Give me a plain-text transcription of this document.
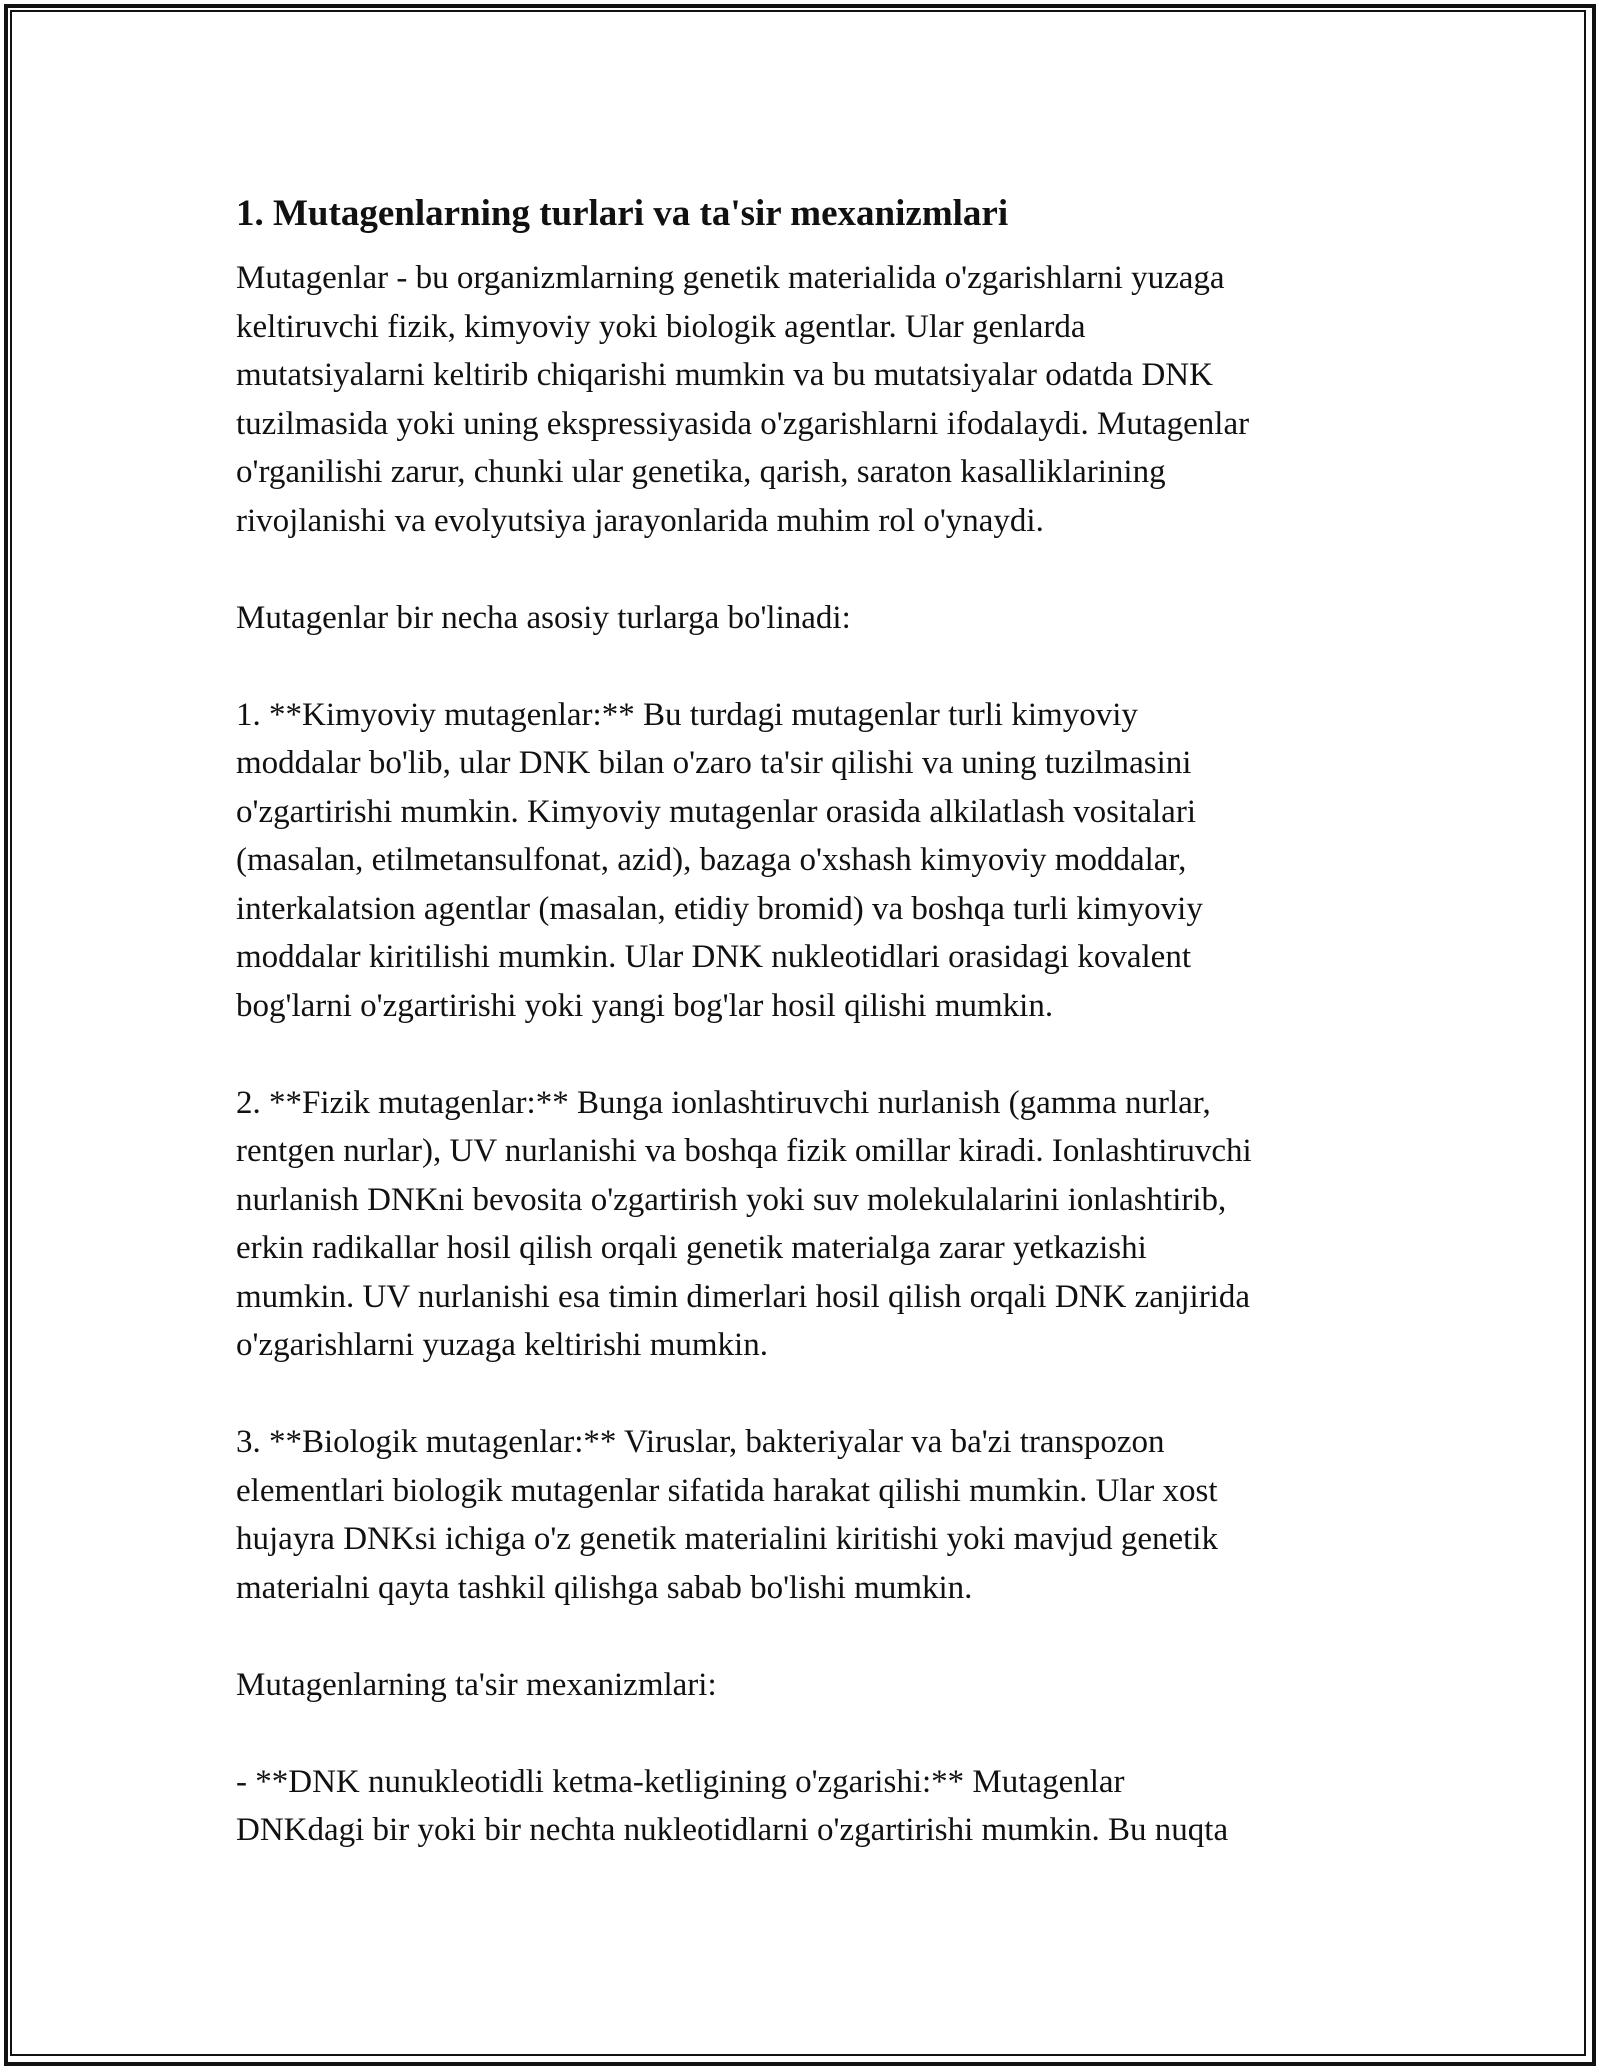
1. Mutagenlarning turlari va ta'sir mexanizmlari
Mutagenlar - bu organizmlarning genetik materialida o'zgarishlarni yuzaga
keltiruvchi fizik, kimyoviy yoki biologik agentlar. Ular genlarda
mutatsiyalarni keltirib chiqarishi mumkin va bu mutatsiyalar odatda DNK
tuzilmasida yoki uning ekspressiyasida o'zgarishlarni ifodalaydi. Mutagenlar
o'rganilishi zarur, chunki ular genetika, qarish, saraton kasalliklarining
rivojlanishi va evolyutsiya jarayonlarida muhim rol o'ynaydi.
Mutagenlar bir necha asosiy turlarga bo'linadi:
1. **Kimyoviy mutagenlar:** Bu turdagi mutagenlar turli kimyoviy
moddalar bo'lib, ular DNK bilan o'zaro ta'sir qilishi va uning tuzilmasini
o'zgartirishi mumkin. Kimyoviy mutagenlar orasida alkilatlash vositalari
(masalan, etilmetansulfonat, azid), bazaga o'xshash kimyoviy moddalar,
interkalatsion agentlar (masalan, etidiy bromid) va boshqa turli kimyoviy
moddalar kiritilishi mumkin. Ular DNK nukleotidlari orasidagi kovalent
bog'larni o'zgartirishi yoki yangi bog'lar hosil qilishi mumkin.
2. **Fizik mutagenlar:** Bunga ionlashtiruvchi nurlanish (gamma nurlar,
rentgen nurlar), UV nurlanishi va boshqa fizik omillar kiradi. Ionlashtiruvchi
nurlanish DNKni bevosita o'zgartirish yoki suv molekulalarini ionlashtirib,
erkin radikallar hosil qilish orqali genetik materialga zarar yetkazishi
mumkin. UV nurlanishi esa timin dimerlari hosil qilish orqali DNK zanjirida
o'zgarishlarni yuzaga keltirishi mumkin.
3. **Biologik mutagenlar:** Viruslar, bakteriyalar va ba'zi transpozon
elementlari biologik mutagenlar sifatida harakat qilishi mumkin. Ular xost
hujayra DNKsi ichiga o'z genetik materialini kiritishi yoki mavjud genetik
materialni qayta tashkil qilishga sabab bo'lishi mumkin.
Mutagenlarning ta'sir mexanizmlari:
- **DNK nunukleotidli ketma-ketligining o'zgarishi:** Mutagenlar
DNKdagi bir yoki bir nechta nukleotidlarni o'zgartirishi mumkin. Bu nuqta
